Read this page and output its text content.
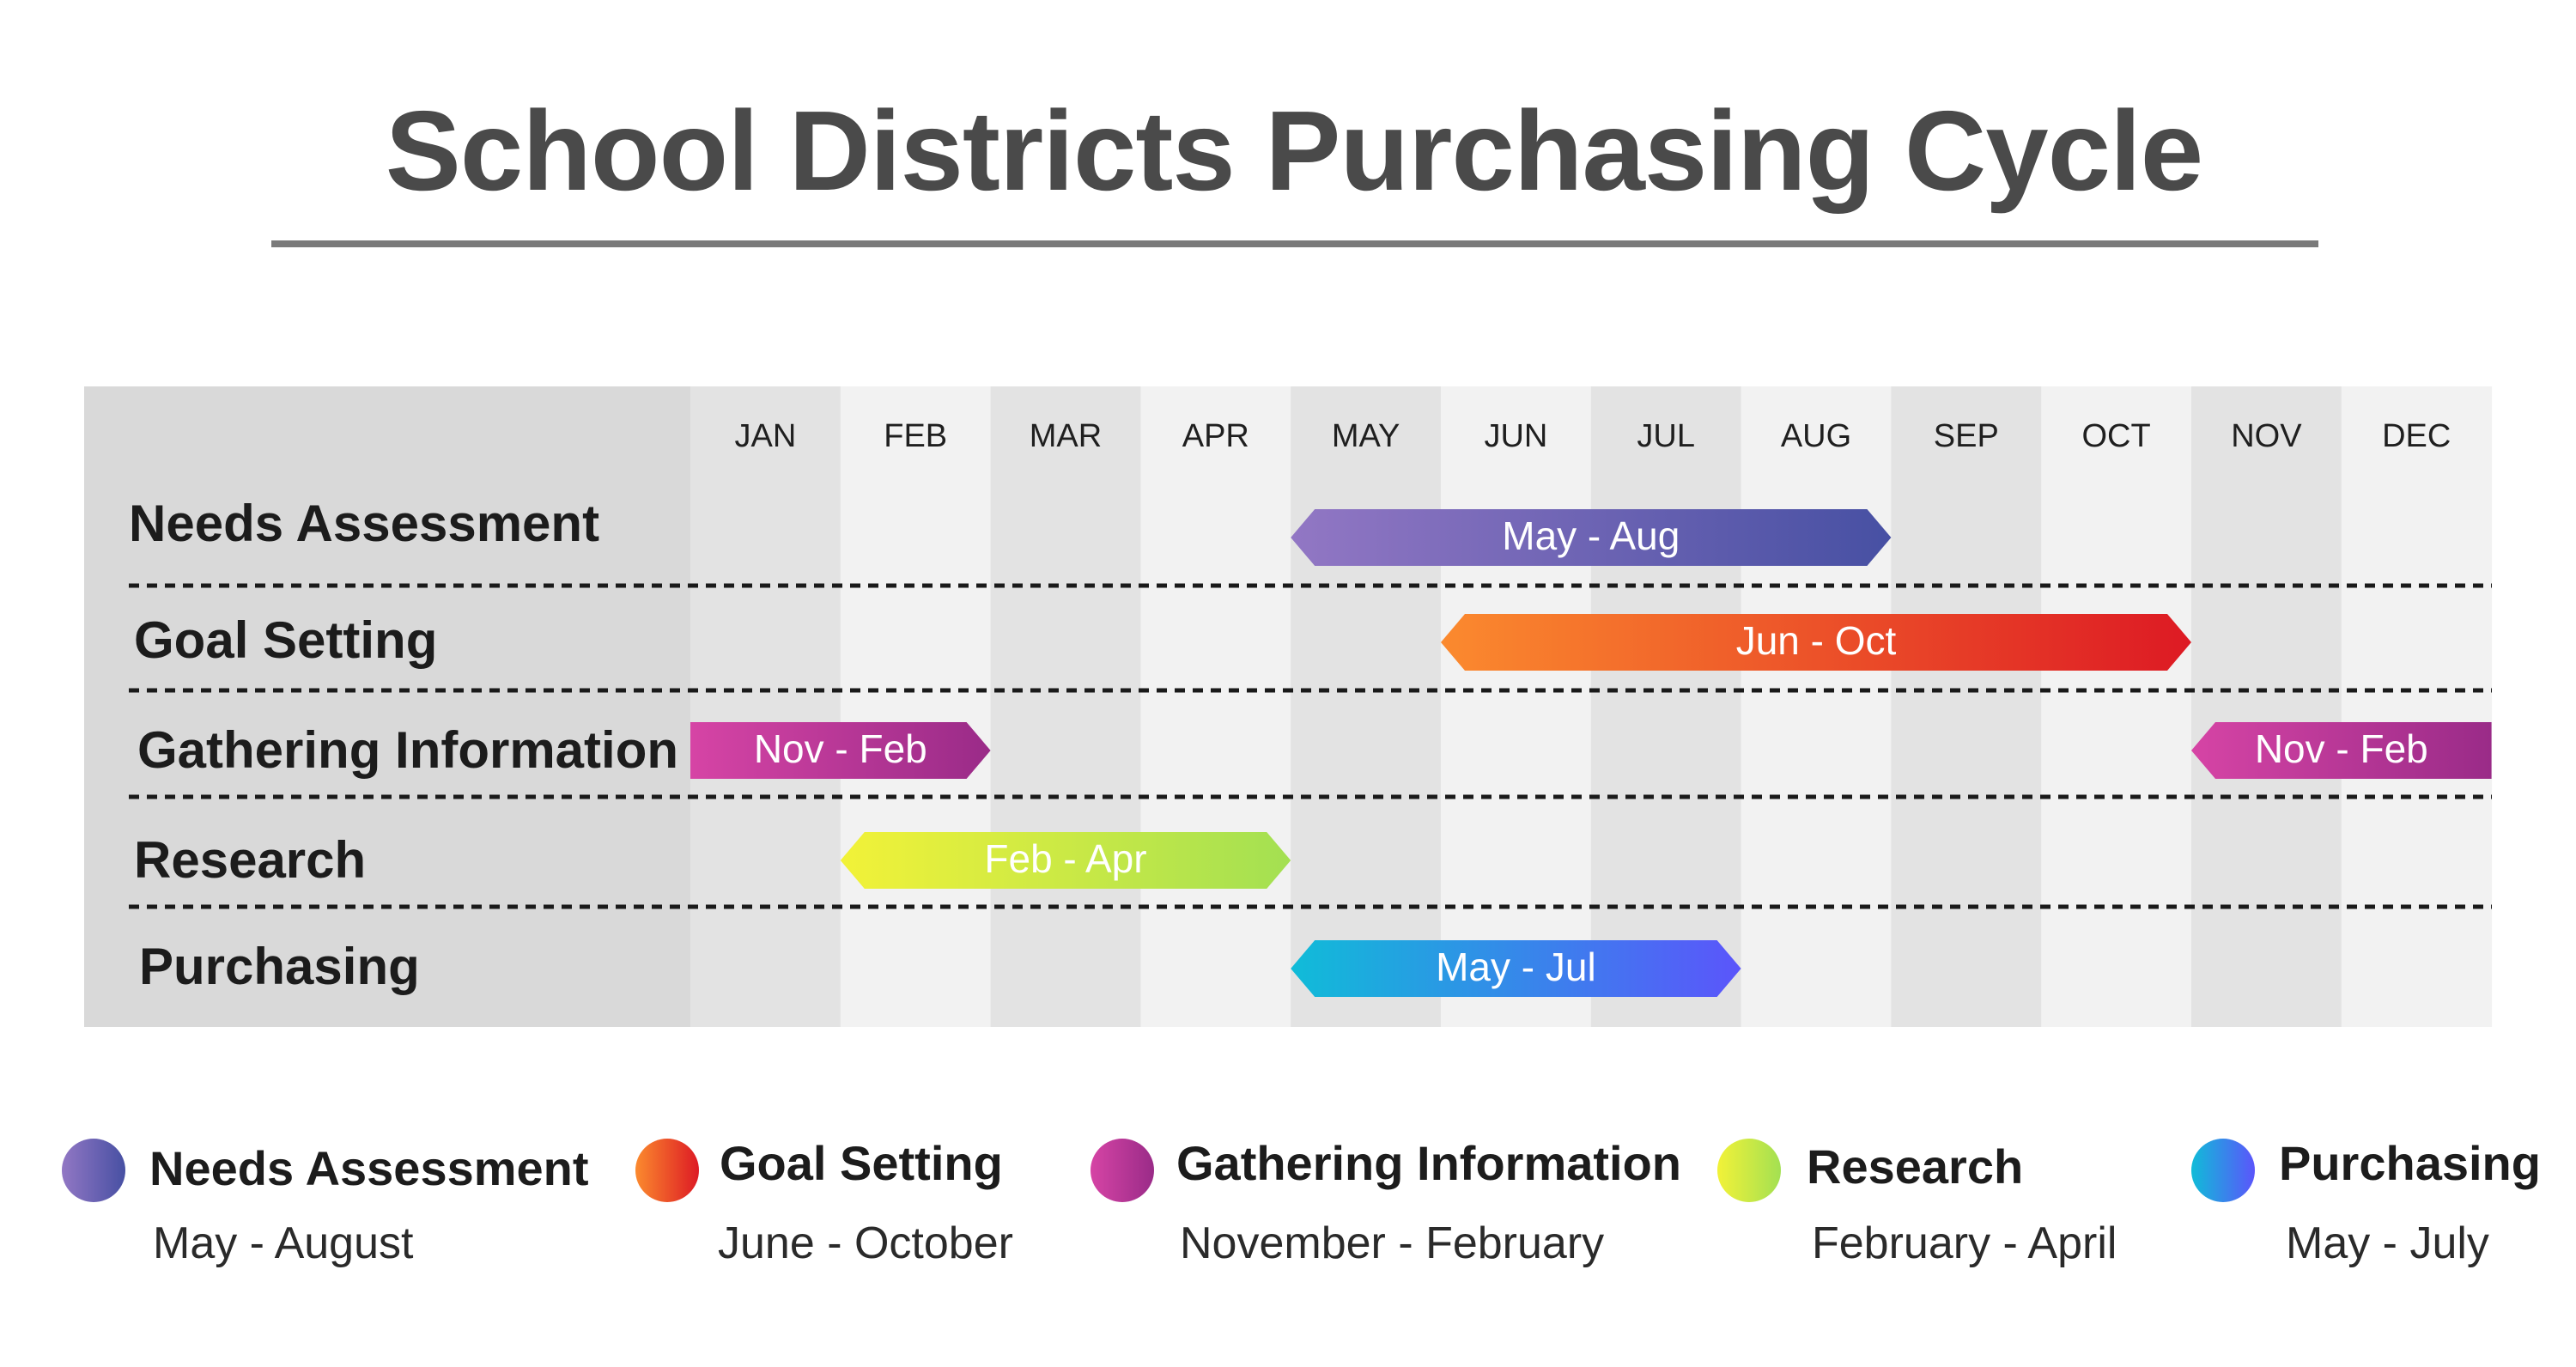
School Districts Purchasing Cycle
JAN	FEB	MAR APR	MAY	JUN	JUL	AUG	SEP	OCT NOV DEC
Needs Assessment	May - Aug
Goal Setting	Jun - Oct
Gathering Information Nov - Feb	Nov - Feb
Research	Feb - Apr
Purchasing	May - Jul
Needs Assessment
May - August
Goal Setting
June - October
Gathering Information
November - February
Research
February - April
Purchasing
May - July
